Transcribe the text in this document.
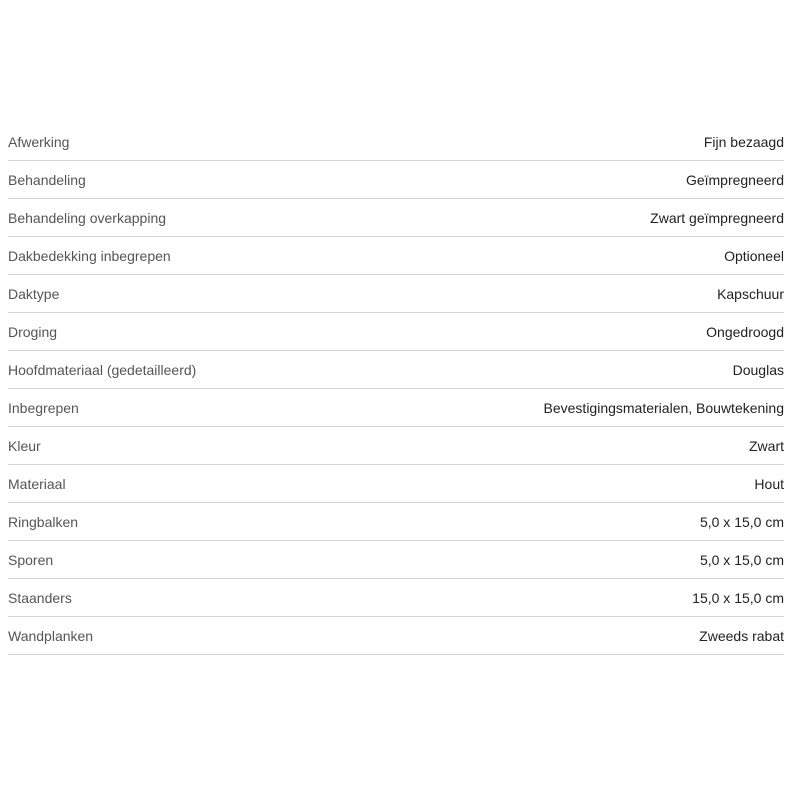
Afwerking	Fijn bezaagd
Behandeling	Geïmpregneerd
Behandeling overkapping	Zwart geïmpregneerd
Dakbedekking inbegrepen	Optioneel
Daktype	Kapschuur
Droging	Ongedroogd
Hoofdmateriaal (gedetailleerd)	Douglas
Inbegrepen	Bevestigingsmaterialen, Bouwtekening
Kleur	Zwart
Materiaal	Hout
Ringbalken	5,0 x 15,0 cm
Sporen	5,0 x 15,0 cm
Staanders	15,0 x 15,0 cm
Wandplanken	Zweeds rabat
